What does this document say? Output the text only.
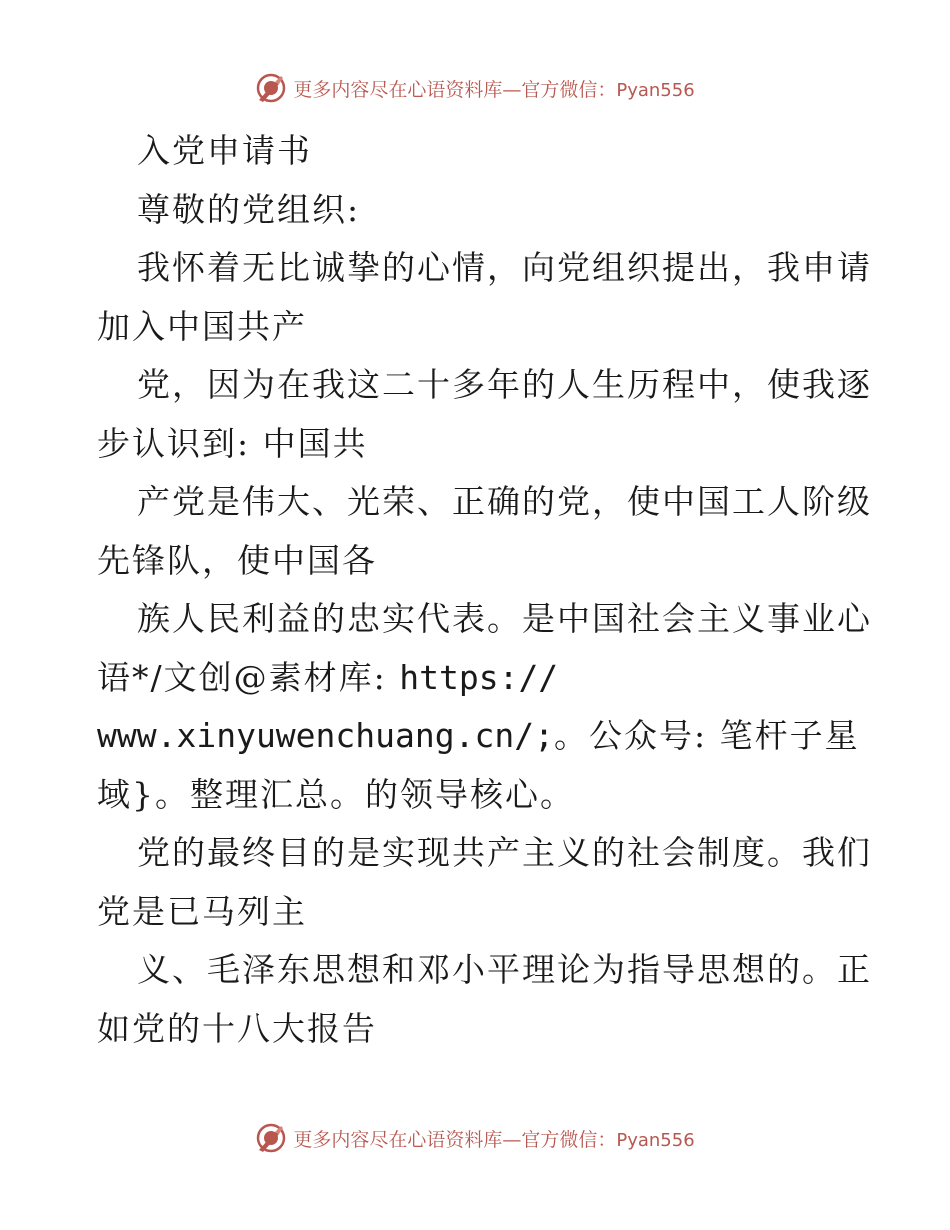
更多内容尽在心语资料库—官方微信：Pyan556
入党申请书
尊敬的党组织:
我怀着无比诚挚的心情，向党组织提出，我申请
加入中国共产
党，因为在我这二十多年的人生历程中，使我逐
步认识到: 中国共
产党是伟大、光荣、正确的党，使中国工人阶级
先锋队，使中国各
族人民利益的忠实代表。是中国社会主义事业心
语*/文创@素材库: https://
www.xinyuwenchuang.cn/;。公众号: 笔杆子星
域}。整理汇总。的领导核心。
党的最终目的是实现共产主义的社会制度。我们
党是已马列主
义、毛泽东思想和邓小平理论为指导思想的。正
如党的十八大报告
更多内容尽在心语资料库—官方微信：Pyan556
